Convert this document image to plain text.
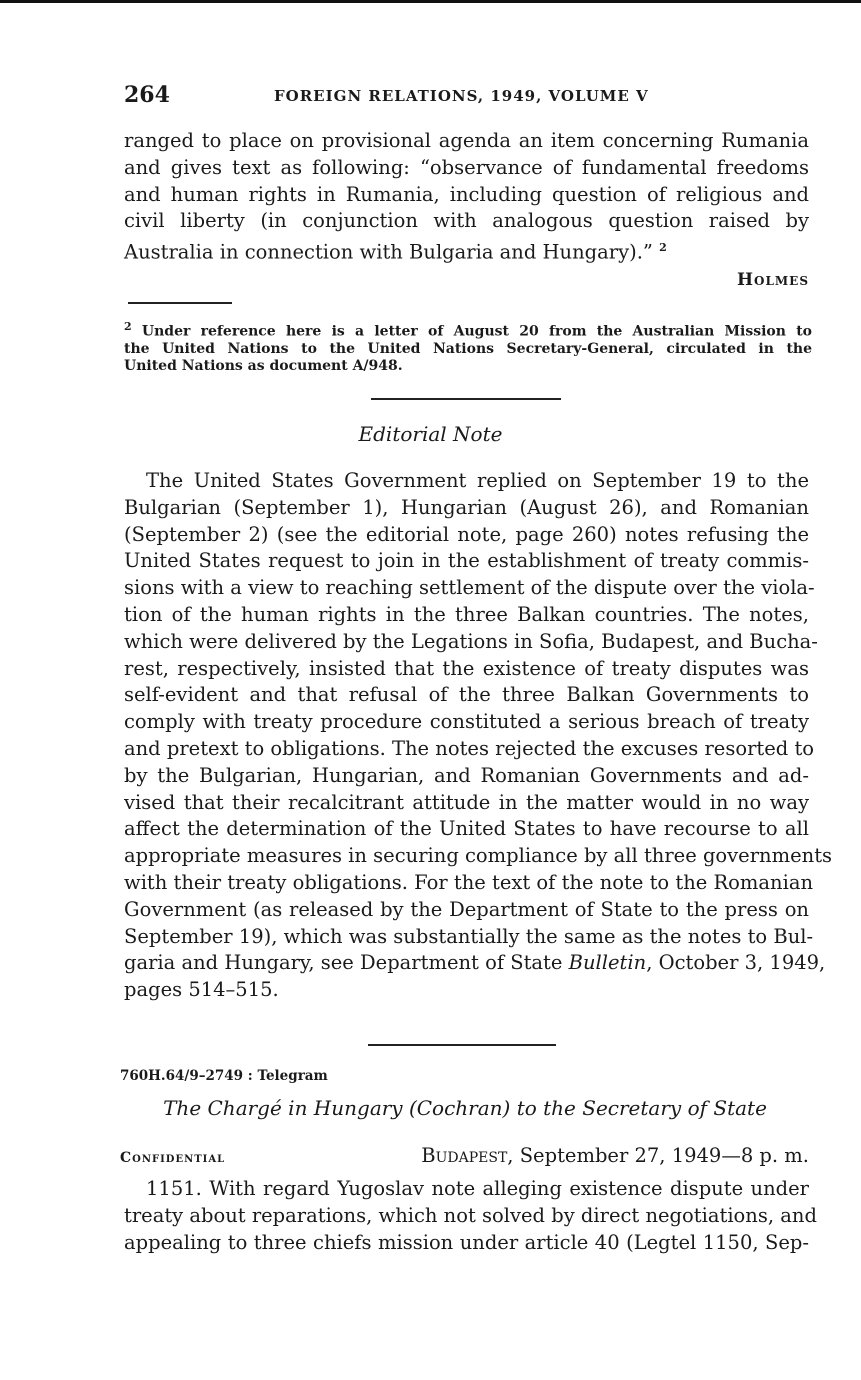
264	FOREIGN RELATIONS, 1949, VOLUME V
ranged to place on provisional agenda an item concerning Rumania
and gives text as following: “observance of fundamental freedoms
and human rights in Rumania, including question of religious and
civil liberty (in conjunction with analogous question raised by
Australia in connection with Bulgaria and Hungary).” $^2$
Holmes
$^2$ Under reference here is a letter of August 20 from the Australian Mission to
the United Nations to the United Nations Secretary-General, circulated in the
United Nations as document A/948.
Editorial Note
The United States Government replied on September 19 to the
Bulgarian (September 1), Hungarian (August 26), and Romanian
(September 2) (see the editorial note, page 260) notes refusing the
United States request to join in the establishment of treaty commis-
sions with a view to reaching settlement of the dispute over the viola-
tion of the human rights in the three Balkan countries. The notes,
which were delivered by the Legations in Sofia, Budapest, and Bucha-
rest, respectively, insisted that the existence of treaty disputes was
self-evident and that refusal of the three Balkan Governments to
comply with treaty procedure constituted a serious breach of treaty
and pretext to obligations. The notes rejected the excuses resorted to
by the Bulgarian, Hungarian, and Romanian Governments and ad-
vised that their recalcitrant attitude in the matter would in no way
affect the determination of the United States to have recourse to all
appropriate measures in securing compliance by all three governments
with their treaty obligations. For the text of the note to the Romanian
Government (as released by the Department of State to the press on
September 19), which was substantially the same as the notes to Bul-
garia and Hungary, see Department of State Bulletin, October 3, 1949,
pages 514–515.
760H.64/9–2749 : Telegram
The Chargé in Hungary (Cochran) to the Secretary of State
Confidential	Budapest, September 27, 1949—8 p. m.
1151. With regard Yugoslav note alleging existence dispute under
treaty about reparations, which not solved by direct negotiations, and
appealing to three chiefs mission under article 40 (Legtel 1150, Sep-
